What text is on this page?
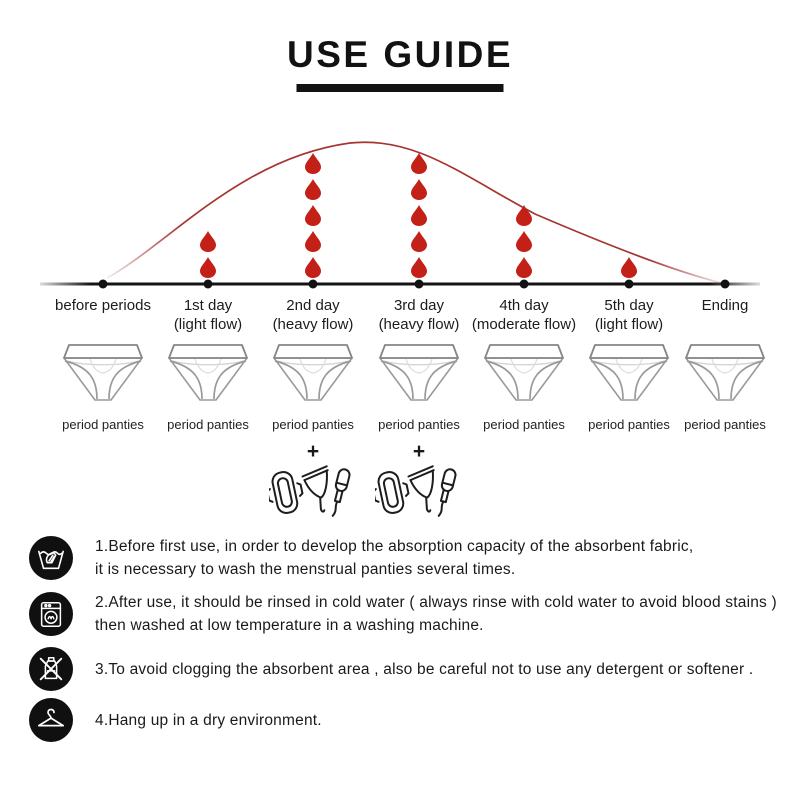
USE GUIDE
before periods	1st day
(light flow)
2nd day
(heavy flow)
3rd day
(heavy flow)
4th day
(moderate flow)
5th day
(light flow)
Ending
period panties	period panties	period panties	period panties	period panties	period panties	period panties
+	+
1.Before first use, in order to develop the absorption capacity of the absorbent fabric,
it is necessary to wash the menstrual panties several times.
2.After use, it should be rinsed in cold water ( always rinse with cold water to avoid blood stains )
then washed at low temperature in a washing machine.
3.To avoid clogging the absorbent area , also be careful not to use any detergent or softener .
4.Hang up in a dry environment.
